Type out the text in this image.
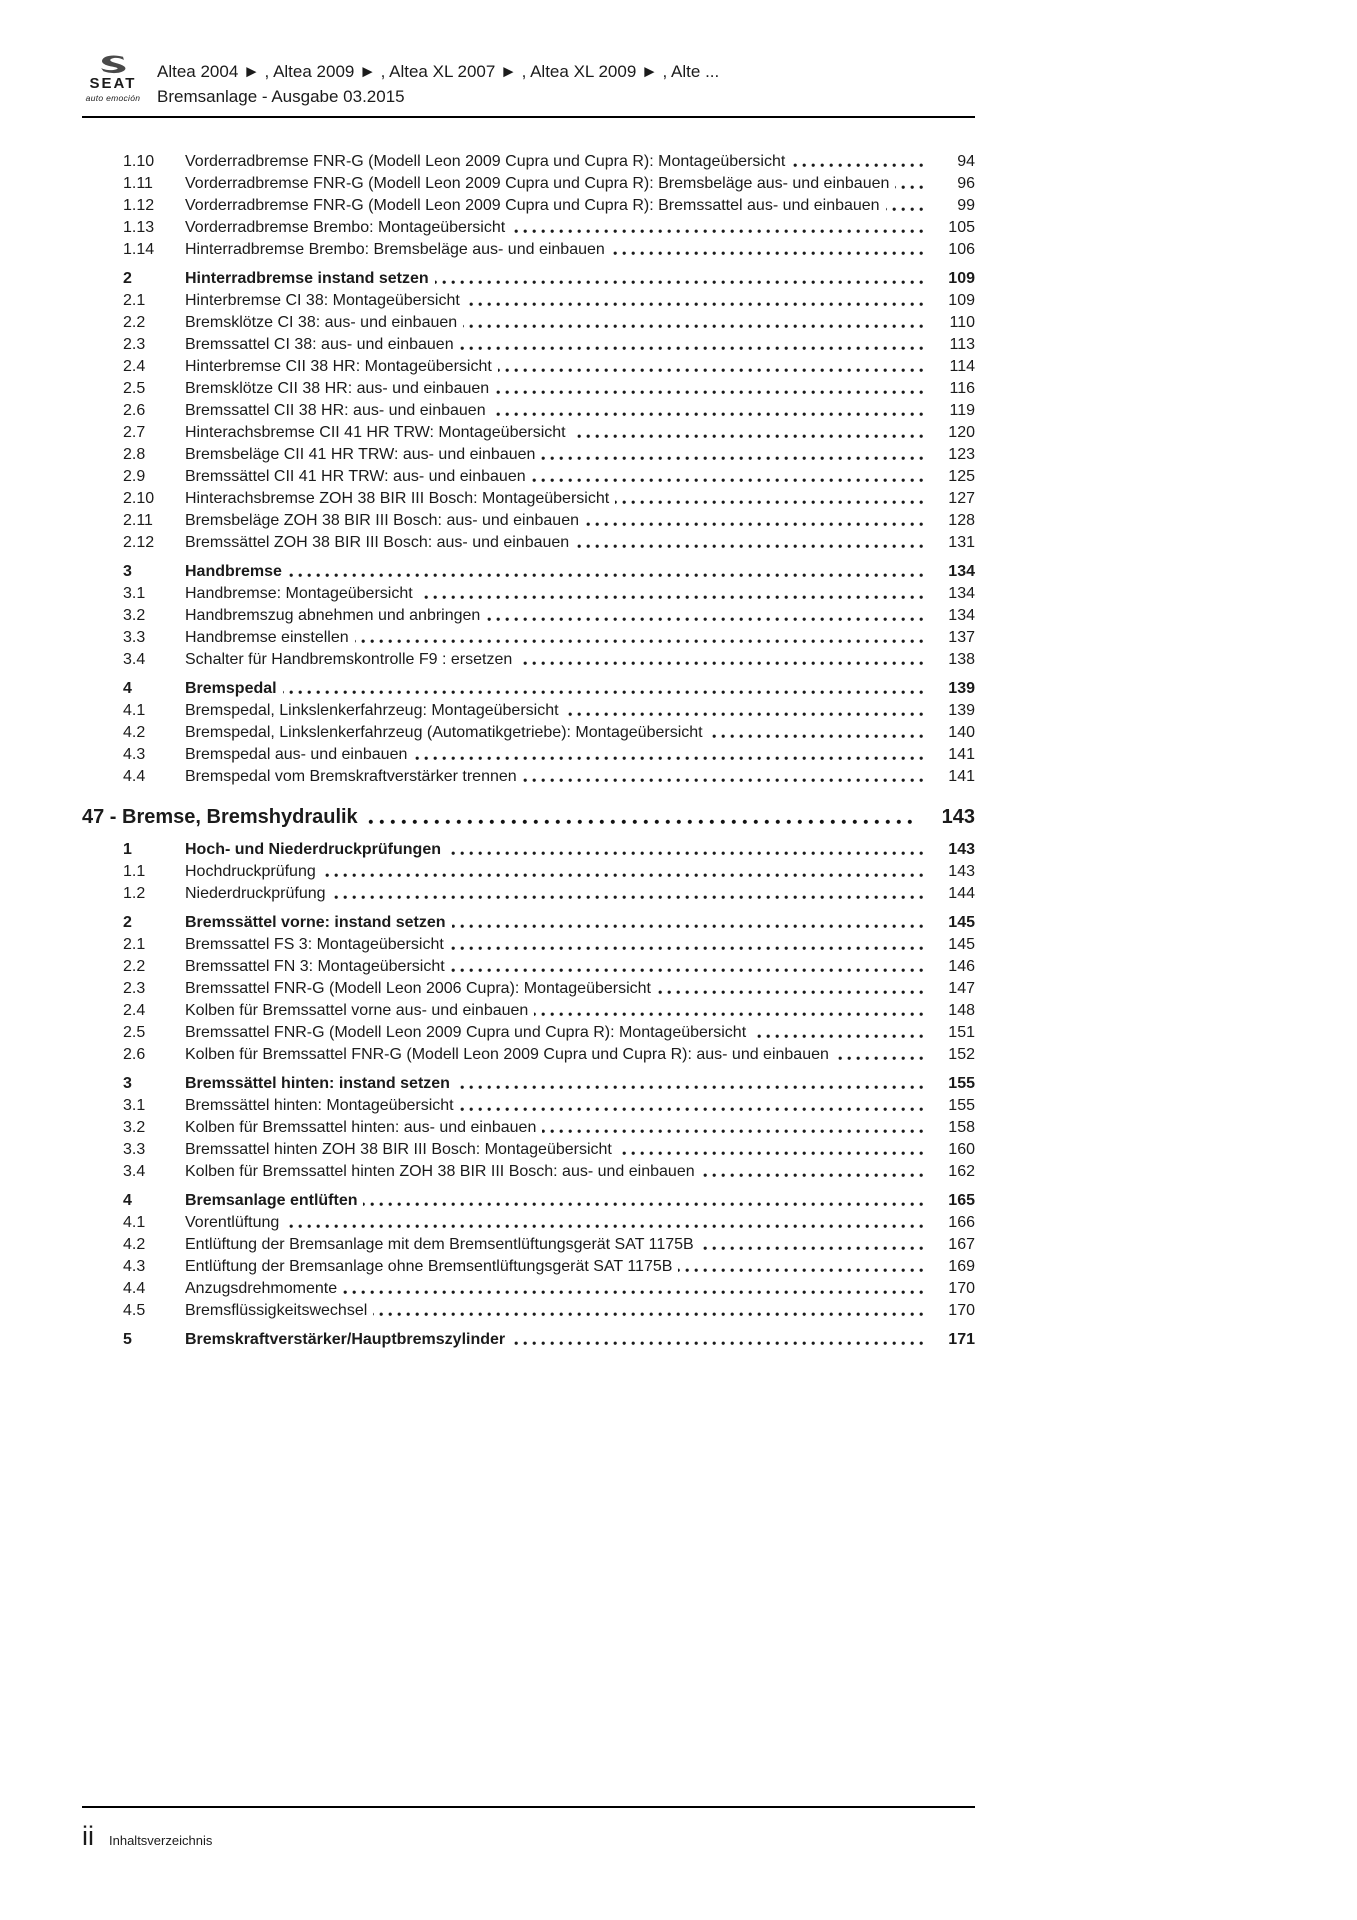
SEAT
auto emoción
Altea 2004 ► , Altea 2009 ► , Altea XL 2007 ► , Altea XL 2009 ► , Alte ...
Bremsanlage - Ausgabe 03.2015
1.10	Vorderradbremse FNR-G (Modell Leon 2009 Cupra und Cupra R): Montageübersicht	94
1.11	Vorderradbremse FNR-G (Modell Leon 2009 Cupra und Cupra R): Bremsbeläge aus- und einbauen	96
1.12	Vorderradbremse FNR-G (Modell Leon 2009 Cupra und Cupra R): Bremssattel aus- und einbauen	99
1.13	Vorderradbremse Brembo: Montageübersicht	105
1.14	Hinterradbremse Brembo: Bremsbeläge aus- und einbauen	106
2	Hinterradbremse instand setzen	109
2.1	Hinterbremse CI 38: Montageübersicht	109
2.2	Bremsklötze CI 38: aus- und einbauen	110
2.3	Bremssattel CI 38: aus- und einbauen	113
2.4	Hinterbremse CII 38 HR: Montageübersicht	114
2.5	Bremsklötze CII 38 HR: aus- und einbauen	116
2.6	Bremssattel CII 38 HR: aus- und einbauen	119
2.7	Hinterachsbremse CII 41 HR TRW: Montageübersicht	120
2.8	Bremsbeläge CII 41 HR TRW: aus- und einbauen	123
2.9	Bremssättel CII 41 HR TRW: aus- und einbauen	125
2.10	Hinterachsbremse ZOH 38 BIR III Bosch: Montageübersicht	127
2.11	Bremsbeläge ZOH 38 BIR III Bosch: aus- und einbauen	128
2.12	Bremssättel ZOH 38 BIR III Bosch: aus- und einbauen	131
3	Handbremse	134
3.1	Handbremse: Montageübersicht	134
3.2	Handbremszug abnehmen und anbringen	134
3.3	Handbremse einstellen	137
3.4	Schalter für Handbremskontrolle F9 : ersetzen	138
4	Bremspedal	139
4.1	Bremspedal, Linkslenkerfahrzeug: Montageübersicht	139
4.2	Bremspedal, Linkslenkerfahrzeug (Automatikgetriebe): Montageübersicht	140
4.3	Bremspedal aus- und einbauen	141
4.4	Bremspedal vom Bremskraftverstärker trennen	141
47 - Bremse, Bremshydraulik	143
1	Hoch- und Niederdruckprüfungen	143
1.1	Hochdruckprüfung	143
1.2	Niederdruckprüfung	144
2	Bremssättel vorne: instand setzen	145
2.1	Bremssattel FS 3: Montageübersicht	145
2.2	Bremssattel FN 3: Montageübersicht	146
2.3	Bremssattel FNR-G (Modell Leon 2006 Cupra): Montageübersicht	147
2.4	Kolben für Bremssattel vorne aus- und einbauen	148
2.5	Bremssattel FNR-G (Modell Leon 2009 Cupra und Cupra R): Montageübersicht	151
2.6	Kolben für Bremssattel FNR-G (Modell Leon 2009 Cupra und Cupra R): aus- und einbauen	152
3	Bremssättel hinten: instand setzen	155
3.1	Bremssättel hinten: Montageübersicht	155
3.2	Kolben für Bremssattel hinten: aus- und einbauen	158
3.3	Bremssattel hinten ZOH 38 BIR III Bosch: Montageübersicht	160
3.4	Kolben für Bremssattel hinten ZOH 38 BIR III Bosch: aus- und einbauen	162
4	Bremsanlage entlüften	165
4.1	Vorentlüftung	166
4.2	Entlüftung der Bremsanlage mit dem Bremsentlüftungsgerät SAT 1175B	167
4.3	Entlüftung der Bremsanlage ohne Bremsentlüftungsgerät SAT 1175B	169
4.4	Anzugsdrehmomente	170
4.5	Bremsflüssigkeitswechsel	170
5	Bremskraftverstärker/Hauptbremszylinder	171
ii Inhaltsverzeichnis
